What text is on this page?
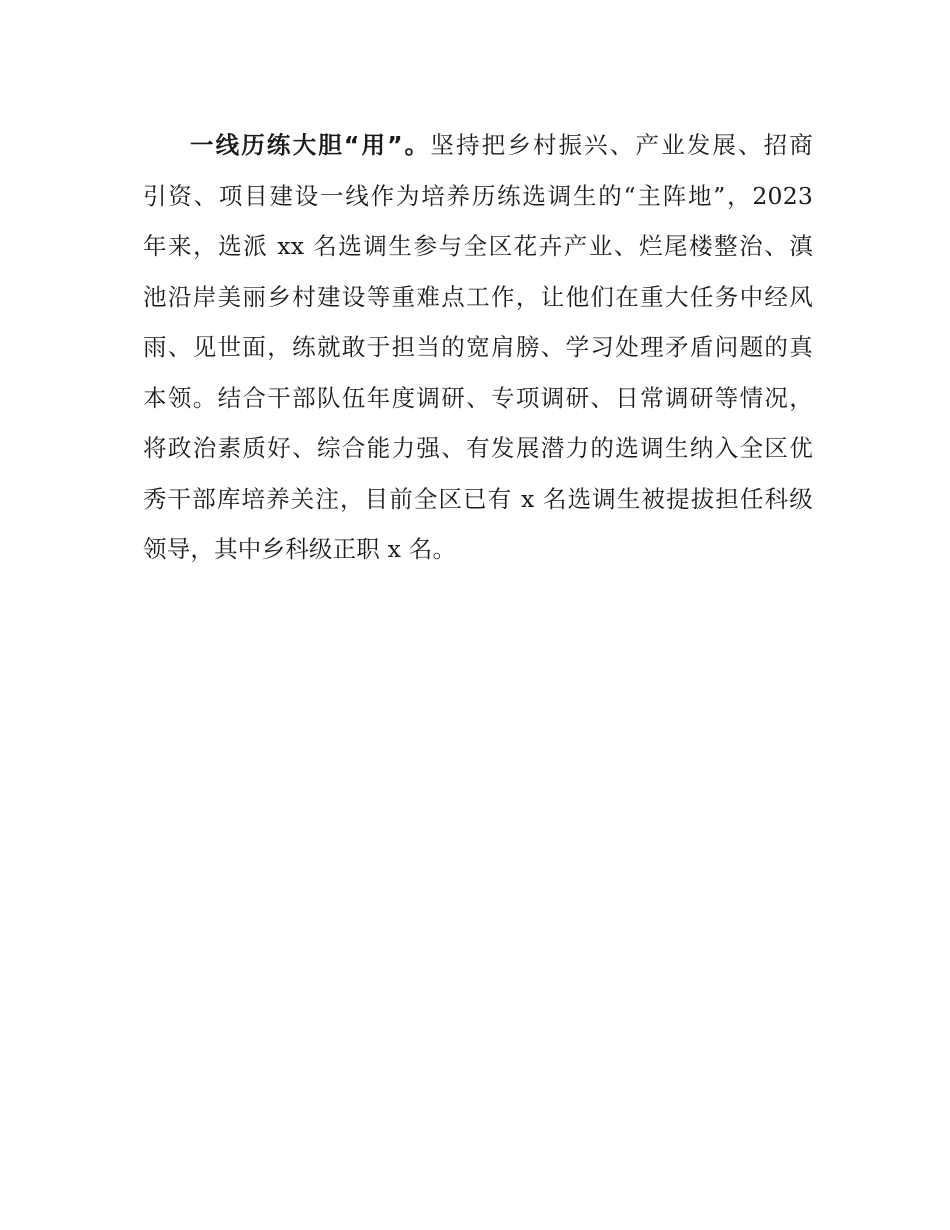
一线历练大胆“用”。坚持把乡村振兴、产业发展、招商
引资、项目建设一线作为培养历练选调生的“主阵地”，2023
年来，选派 xx 名选调生参与全区花卉产业、烂尾楼整治、滇
池沿岸美丽乡村建设等重难点工作，让他们在重大任务中经风
雨、见世面，练就敢于担当的宽肩膀、学习处理矛盾问题的真
本领。结合干部队伍年度调研、专项调研、日常调研等情况，
将政治素质好、综合能力强、有发展潜力的选调生纳入全区优
秀干部库培养关注，目前全区已有 x 名选调生被提拔担任科级
领导，其中乡科级正职 x 名。
